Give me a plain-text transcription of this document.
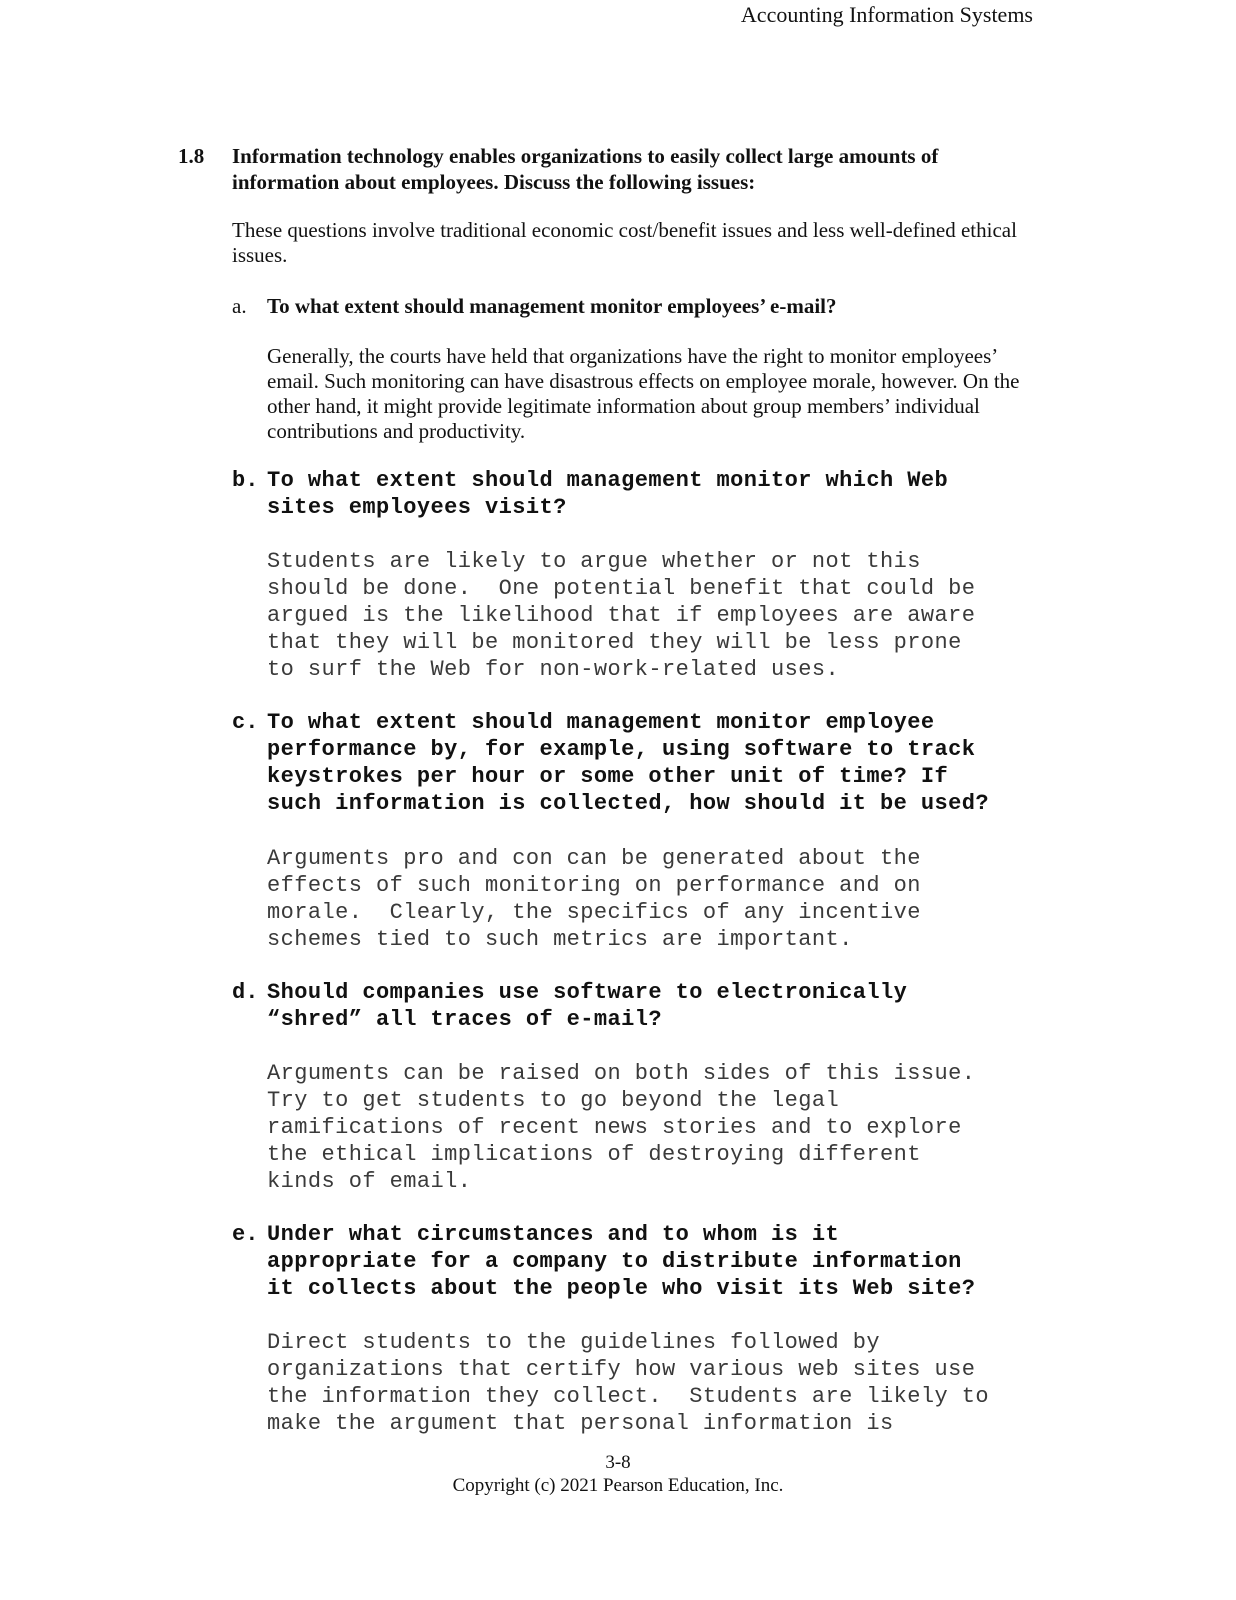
Accounting Information Systems
1.8 Information technology enables organizations to easily collect large amounts of information about employees. Discuss the following issues:
These questions involve traditional economic cost/benefit issues and less well-defined ethical issues.
a. To what extent should management monitor employees’ e-mail?
Generally, the courts have held that organizations have the right to monitor employees’ email. Such monitoring can have disastrous effects on employee morale, however. On the other hand, it might provide legitimate information about group members’ individual contributions and productivity.
b. To what extent should management monitor which Web
sites employees visit?
Students are likely to argue whether or not this
should be done.  One potential benefit that could be
argued is the likelihood that if employees are aware
that they will be monitored they will be less prone
to surf the Web for non-work-related uses.
c. To what extent should management monitor employee
performance by, for example, using software to track
keystrokes per hour or some other unit of time? If
such information is collected, how should it be used?
Arguments pro and con can be generated about the
effects of such monitoring on performance and on
morale.  Clearly, the specifics of any incentive
schemes tied to such metrics are important.
d. Should companies use software to electronically
“shred” all traces of e-mail?
Arguments can be raised on both sides of this issue.
Try to get students to go beyond the legal
ramifications of recent news stories and to explore
the ethical implications of destroying different
kinds of email.
e. Under what circumstances and to whom is it
appropriate for a company to distribute information
it collects about the people who visit its Web site?
Direct students to the guidelines followed by
organizations that certify how various web sites use
the information they collect.  Students are likely to
make the argument that personal information is
3-8
Copyright (c) 2021 Pearson Education, Inc.
